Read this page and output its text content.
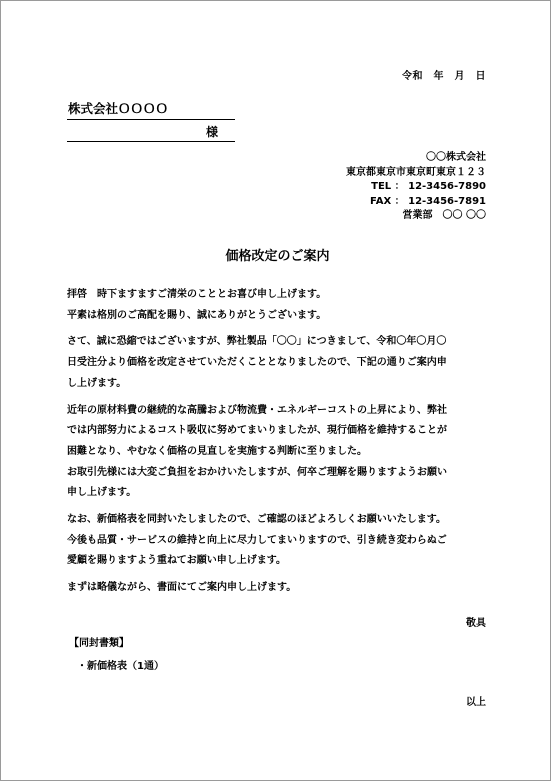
令和　年　月　日
株式会社ＯＯＯＯ
様
〇〇株式会社
東京都東京市東京町東京１２３
TEL ： 12-3456-7890
FAX ： 12-3456-7891
営業部　〇〇 〇〇
価格改定のご案内

拝啓　時下ますますご清栄のこととお喜び申し上げます。

平素は格別のご高配を賜り、誠にありがとうございます。

さて、誠に恐縮ではございますが、弊社製品「〇〇」につきまして、令和〇年〇月〇

日受注分より価格を改定させていただくこととなりましたので、下記の通りご案内申

し上げます。

近年の原材料費の継続的な高騰および物流費・エネルギーコストの上昇により、弊社

では内部努力によるコスト吸収に努めてまいりましたが、現行価格を維持することが

困難となり、やむなく価格の見直しを実施する判断に至りました。

お取引先様には大変ご負担をおかけいたしますが、何卒ご理解を賜りますようお願い

申し上げます。

なお、新価格表を同封いたしましたので、ご確認のほどよろしくお願いいたします。

今後も品質・サービスの維持と向上に尽力してまいりますので、引き続き変わらぬご

愛顧を賜りますよう重ねてお願い申し上げます。

まずは略儀ながら、書面にてご案内申し上げます。

敬具
【同封書類】
・新価格表（1通）
以上
